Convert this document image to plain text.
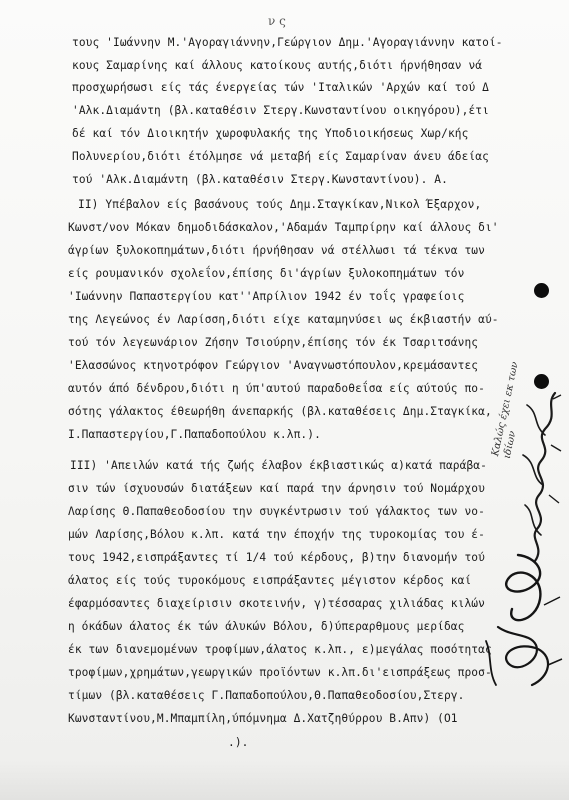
ν ς
τους 'Ιωάννην Μ.'Αγοραγιάννην,Γεώργιον Δημ.'Αγοραγιάννην κατοί-
κους Σαμαρίνης καί άλλους κατοίκους αυτής,διότι ήρνήθησαν νά
προσχωρήσωσι είς τάς ένεργείας τών 'Ιταλικών 'Αρχών καί τού Δ
'Αλκ.Διαμάντη (βλ.καταθέσιν Στεργ.Κωνσταντίνου οικηγόρου),έτι
δέ καί τόν Διοικητήν χωροφυλακής της Υποδιοικήσεως Χωρ/κής
Πολυνερίου,διότι έτόλμησε νά μεταβή είς Σαμαρίναν άνευ άδείας
τού 'Αλκ.Διαμάντη (βλ.καταθέσιν Στεργ.Κωνσταντίνου). Α.
ΙΙ) Υπέβαλον είς βασάνους τούς Δημ.Σταγκίκαν,Νικολ Έξαρχον,
Κωνστ/νον Μόκαν δημοδιδάσκαλον,'Αδαμάν Ταμπρίρην καί άλλους δι'
άγρίων ξυλοκοπημάτων,διότι ήρνήθησαν νά στέλλωσι τά τέκνα των
είς ρουμανικόν σχολεΐον,έπίσης δι'άγρίων ξυλοκοπημάτων τόν
'Ιωάννην Παπαστεργίου κατ''Απρίλιον 1942 έν τοΐς γραφείοις
της Λεγεώνος έν Λαρίσση,διότι είχε καταμηνύσει ως έκβιαστήν αύ-
τού τόν λεγεωνάριον Ζήσην Τσιούρην,έπίσης τόν έκ Τσαριτσάνης
'Ελασσώνος κτηνοτρόφον Γεώργιον 'Αναγνωστόπουλον,κρεμάσαντες
αυτόν άπό δένδρου,διότι η ύπ'αυτού παραδοθεΐσα είς αύτούς πο-
σότης γάλακτος έθεωρήθη άνεπαρκής (βλ.καταθέσεις Δημ.Σταγκίκα,
Ι.Παπαστεργίου,Γ.Παπαδοπούλου κ.λπ.).
ΙΙΙ) 'Απειλών κατά τής ζωής έλαβον έκβιαστικώς α)κατά παράβα-
σιν τών ίσχυουσών διατάξεων καί παρά την άρνησιν τού Νομάρχου
Λαρίσης Θ.Παπαθεοδοσίου την συγκέντρωσιν τού γάλακτος των νο-
μών Λαρίσης,Βόλου κ.λπ. κατά την έποχήν της τυροκομίας του έ-
τους 1942,εισπράξαντες τί 1/4 τού κέρδους, β)την διανομήν τού
άλατος είς τούς τυροκόμους εισπράξαντες μέγιστον κέρδος καί
έφαρμόσαντες διαχείρισιν σκοτεινήν, γ)τέσσαρας χιλιάδας κιλών
η όκάδων άλατος έκ τών άλυκών Βόλου, δ)ύπεραρθμους μερίδας
έκ των διανεμομένων τροφίμων,άλατος κ.λπ., ε)μεγάλας ποσότητας
τροφίμων,χρημάτων,γεωργικών προϊόντων κ.λπ.δι'εισπράξεως προσ-
τίμων (βλ.καταθέσεις Γ.Παπαδοπούλου,Θ.Παπαθεοδοσίου,Στεργ.
Κωνσταντίνου,Μ.Μπαμπίλη,ύπόμνημα Δ.Χατζηθύρρου Β.Απν) (Ο1
.).
Καλώς έχει εκ των ιδίων
